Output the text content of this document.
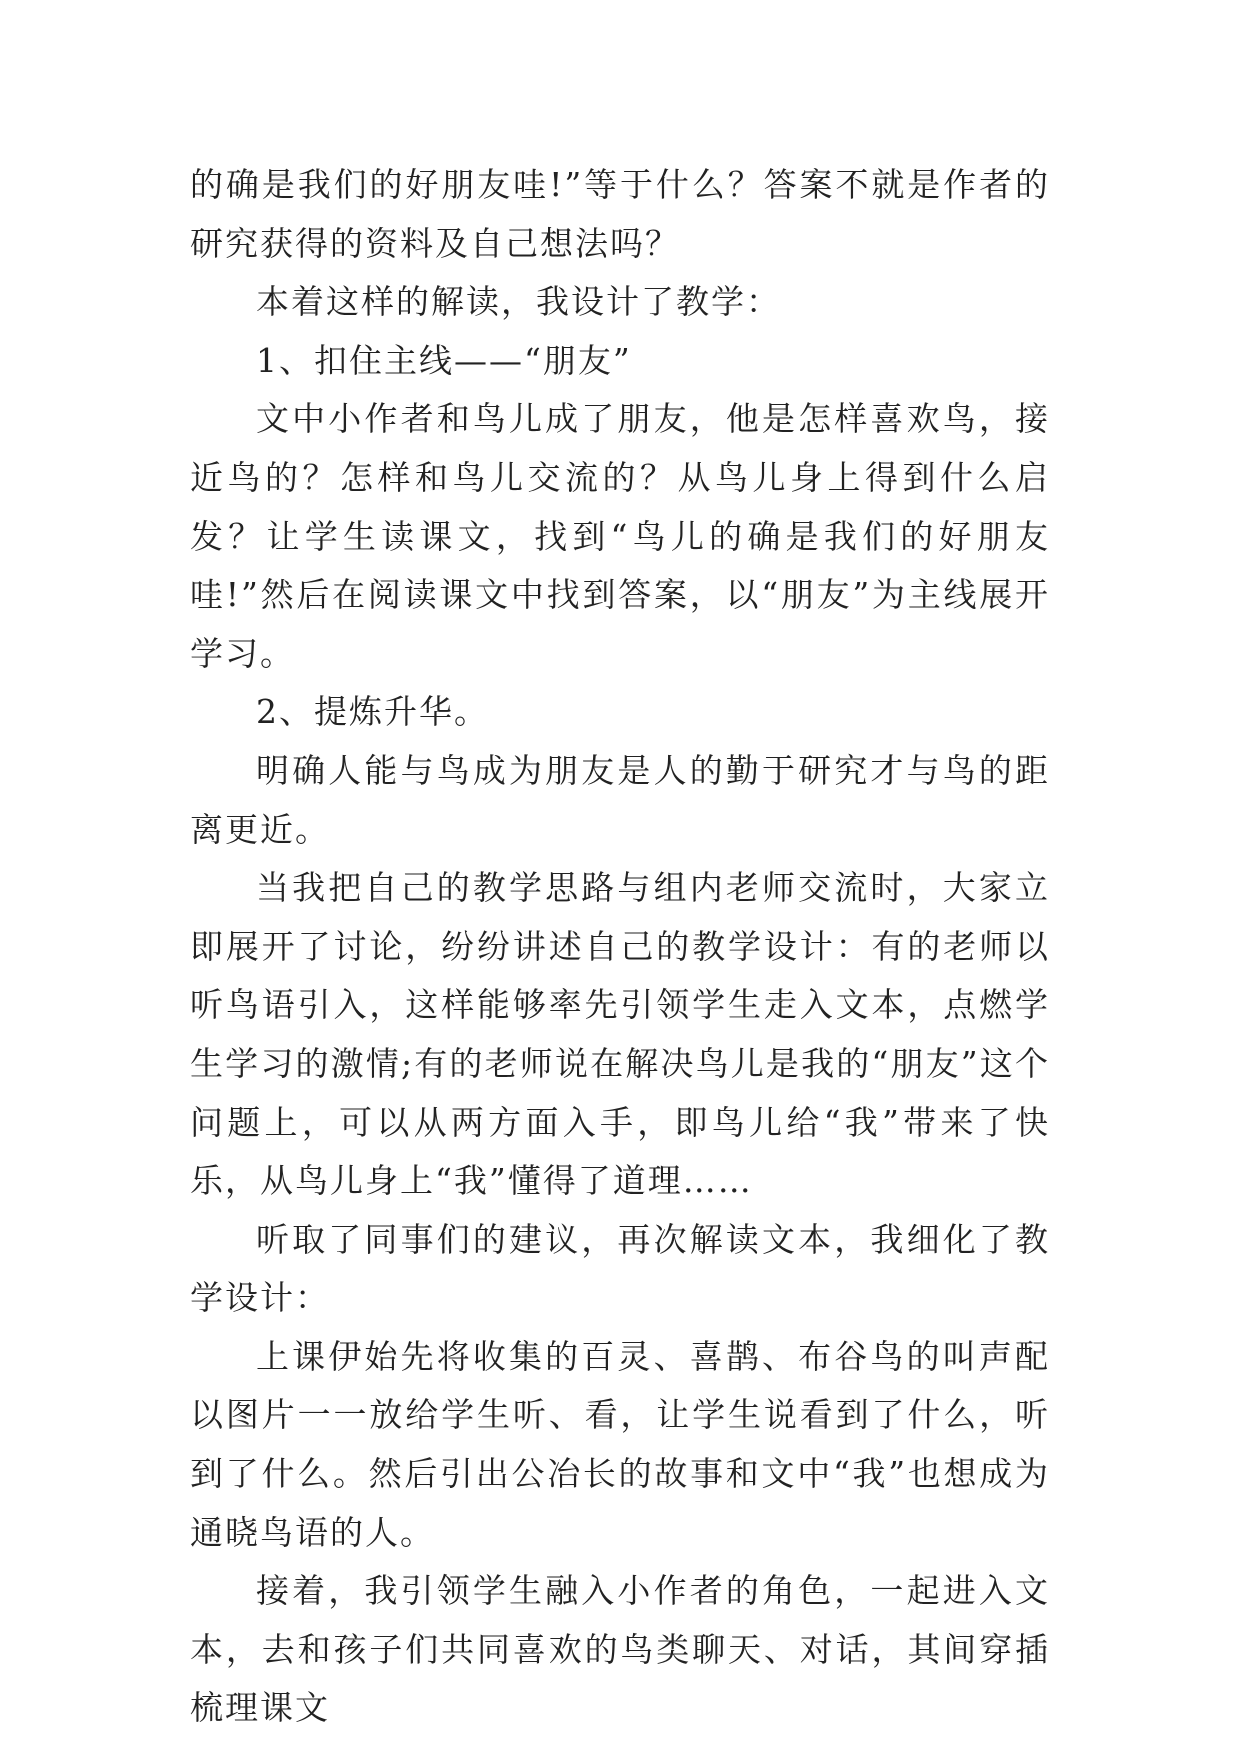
的确是我们的好朋友哇!”等于什么？答案不就是作者的研究获得的资料及自己想法吗？

本着这样的解读，我设计了教学：

1、扣住主线——“朋友”

文中小作者和鸟儿成了朋友，他是怎样喜欢鸟，接近鸟的？怎样和鸟儿交流的？从鸟儿身上得到什么启发？让学生读课文，找到“鸟儿的确是我们的好朋友哇!”然后在阅读课文中找到答案，以“朋友”为主线展开学习。

2、提炼升华。

明确人能与鸟成为朋友是人的勤于研究才与鸟的距离更近。

当我把自己的教学思路与组内老师交流时，大家立即展开了讨论，纷纷讲述自己的教学设计：有的老师以听鸟语引入，这样能够率先引领学生走入文本，点燃学生学习的激情;有的老师说在解决鸟儿是我的“朋友”这个问题上，可以从两方面入手，即鸟儿给“我”带来了快乐，从鸟儿身上“我”懂得了道理……

听取了同事们的建议，再次解读文本，我细化了教学设计：

上课伊始先将收集的百灵、喜鹊、布谷鸟的叫声配以图片一一放给学生听、看，让学生说看到了什么，听到了什么。然后引出公冶长的故事和文中“我”也想成为通晓鸟语的人。

接着，我引领学生融入小作者的角色，一起进入文本，去和孩子们共同喜欢的鸟类聊天、对话，其间穿插梳理课文
